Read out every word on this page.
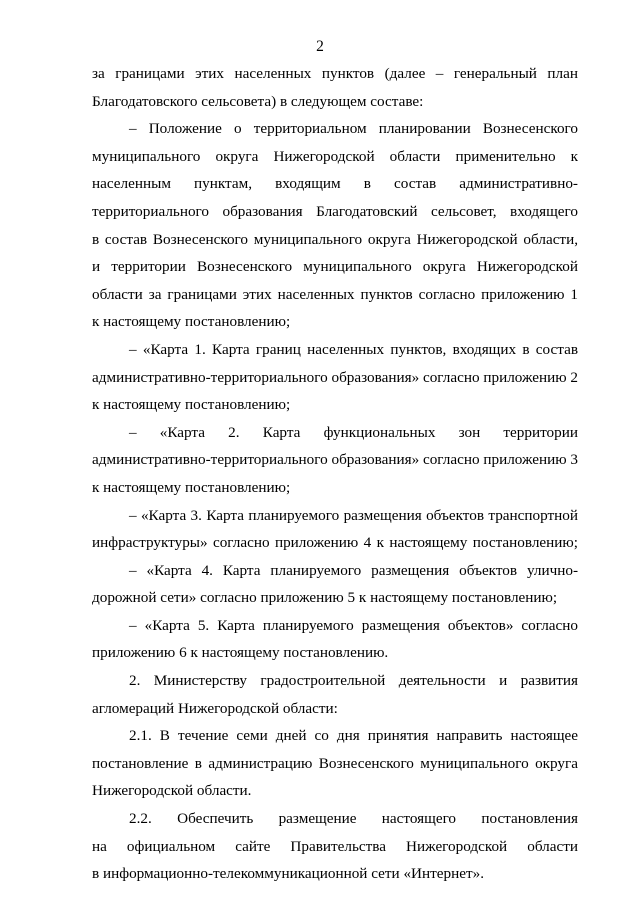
2
за границами этих населенных пунктов (далее – генеральный план
Благодатовского сельсовета) в следующем составе:
– Положение о территориальном планировании Вознесенского
муниципального округа Нижегородской области применительно к
населенным пунктам, входящим в состав административно-
территориального образования Благодатовский сельсовет, входящего
в состав Вознесенского муниципального округа Нижегородской области,
и территории Вознесенского муниципального округа Нижегородской
области за границами этих населенных пунктов согласно приложению 1
к настоящему постановлению;
– «Карта 1. Карта границ населенных пунктов, входящих в состав
административно-территориального образования» согласно приложению 2
к настоящему постановлению;
– «Карта 2. Карта функциональных зон территории
административно-территориального образования» согласно приложению 3
к настоящему постановлению;
– «Карта 3. Карта планируемого размещения объектов транспортной
инфраструктуры» согласно приложению 4 к настоящему постановлению;
– «Карта 4. Карта планируемого размещения объектов улично-
дорожной сети» согласно приложению 5 к настоящему постановлению;
– «Карта 5. Карта планируемого размещения объектов» согласно
приложению 6 к настоящему постановлению.
2. Министерству градостроительной деятельности и развития
агломераций Нижегородской области:
2.1. В течение семи дней со дня принятия направить настоящее
постановление в администрацию Вознесенского муниципального округа
Нижегородской области.
2.2. Обеспечить размещение настоящего постановления
на официальном сайте Правительства Нижегородской области
в информационно-телекоммуникационной сети «Интернет».
